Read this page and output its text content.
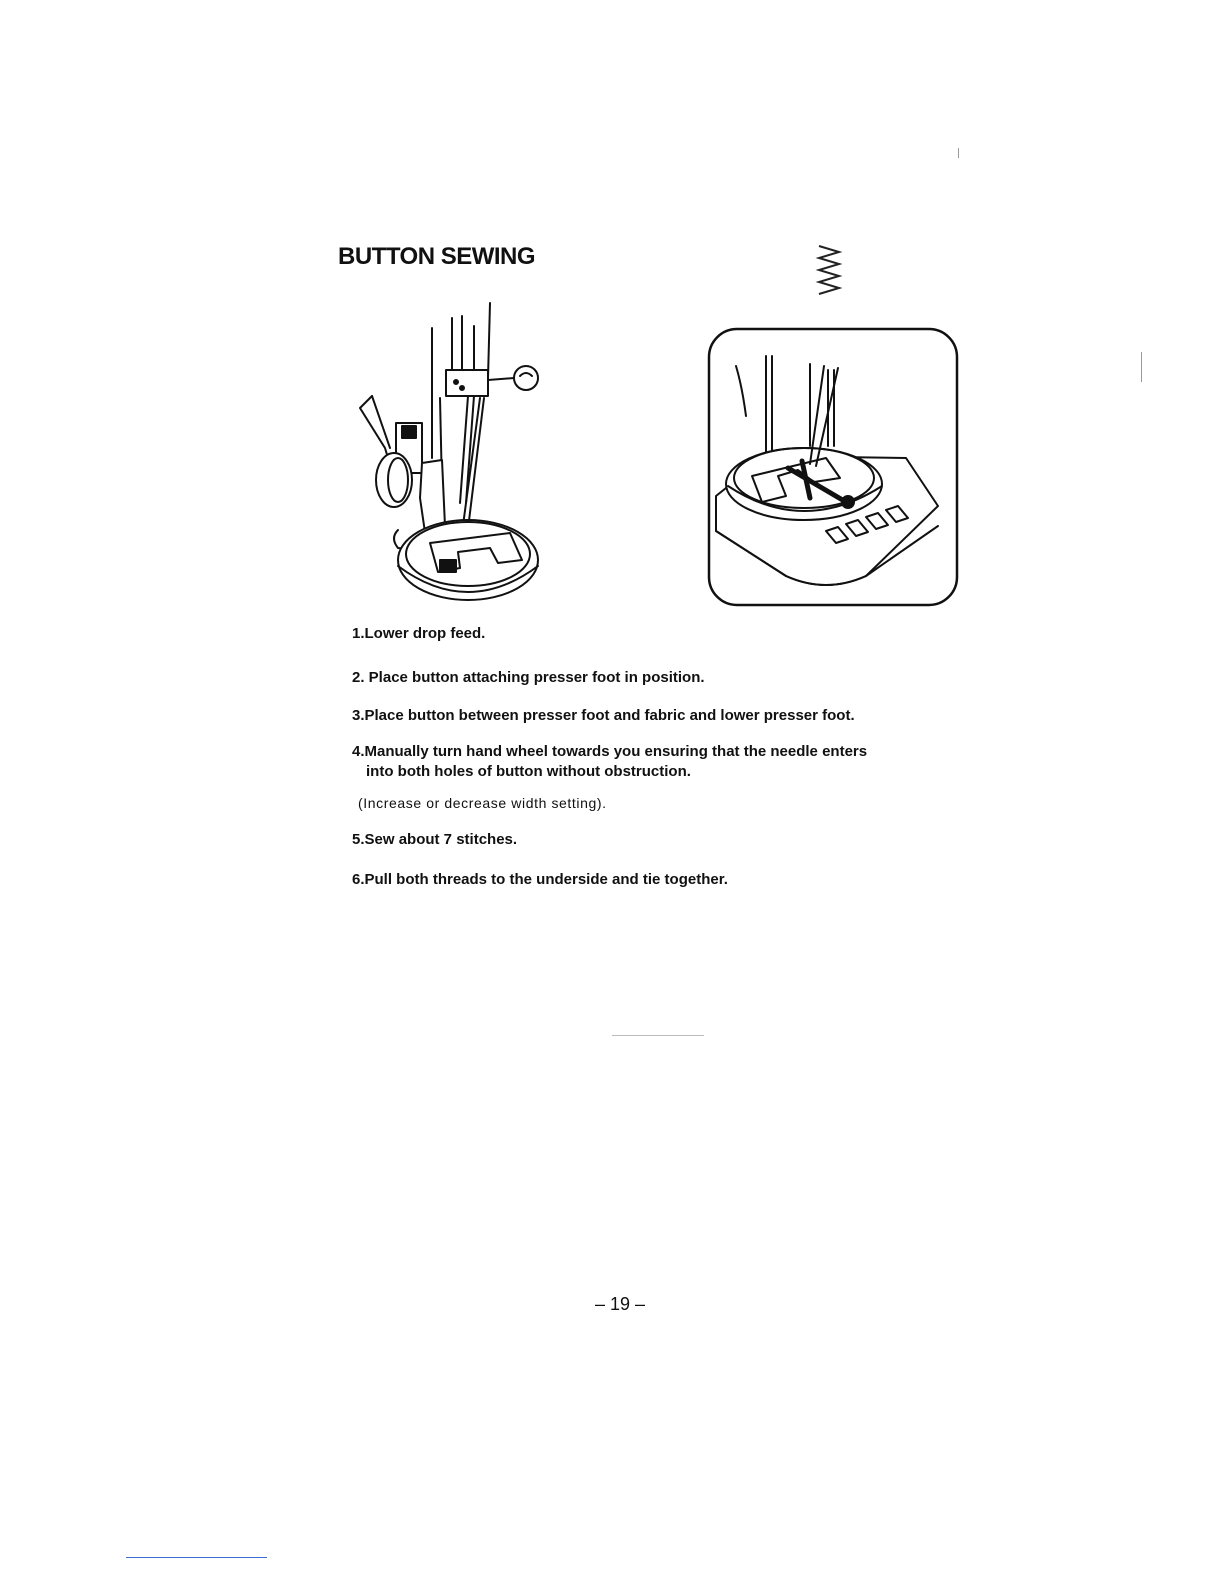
BUTTON SEWING

1.Lower drop feed.

2. Place button attaching presser foot in position.

3.Place button between presser foot and fabric and lower presser foot.

4.Manually turn hand wheel towards you ensuring that the needle enters

into both holes of button without obstruction.

(Increase or decrease width setting).

5.Sew about 7 stitches.

6.Pull both threads to the underside and tie together.

– 19 –
